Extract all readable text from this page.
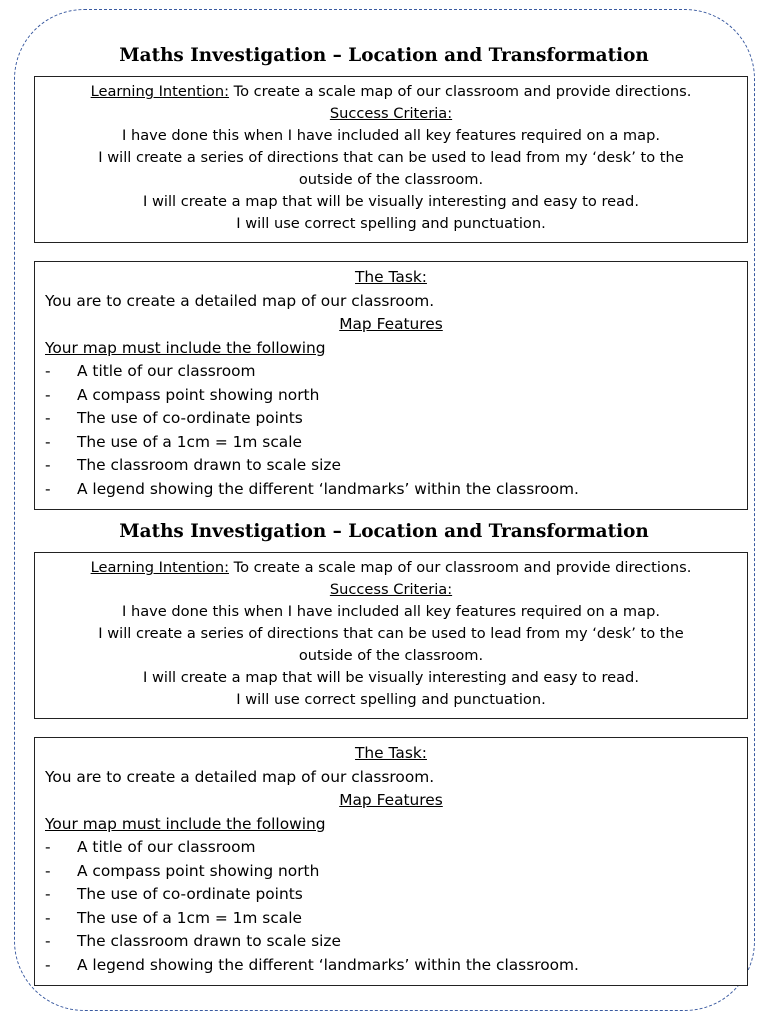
Maths Investigation – Location and Transformation
Learning Intention: To create a scale map of our classroom and provide directions.
Success Criteria:
I have done this when I have included all key features required on a map.
I will create a series of directions that can be used to lead from my ‘desk’ to the
outside of the classroom.
I will create a map that will be visually interesting and easy to read.
I will use correct spelling and punctuation.
The Task:
You are to create a detailed map of our classroom.
Map Features
Your map must include the following
- A title of our classroom
- A compass point showing north
- The use of co-ordinate points
- The use of a 1cm = 1m scale
- The classroom drawn to scale size
- A legend showing the different ‘landmarks’ within the classroom.
Maths Investigation – Location and Transformation
Learning Intention: To create a scale map of our classroom and provide directions.
Success Criteria:
I have done this when I have included all key features required on a map.
I will create a series of directions that can be used to lead from my ‘desk’ to the
outside of the classroom.
I will create a map that will be visually interesting and easy to read.
I will use correct spelling and punctuation.
The Task:
You are to create a detailed map of our classroom.
Map Features
Your map must include the following
- A title of our classroom
- A compass point showing north
- The use of co-ordinate points
- The use of a 1cm = 1m scale
- The classroom drawn to scale size
- A legend showing the different ‘landmarks’ within the classroom.
